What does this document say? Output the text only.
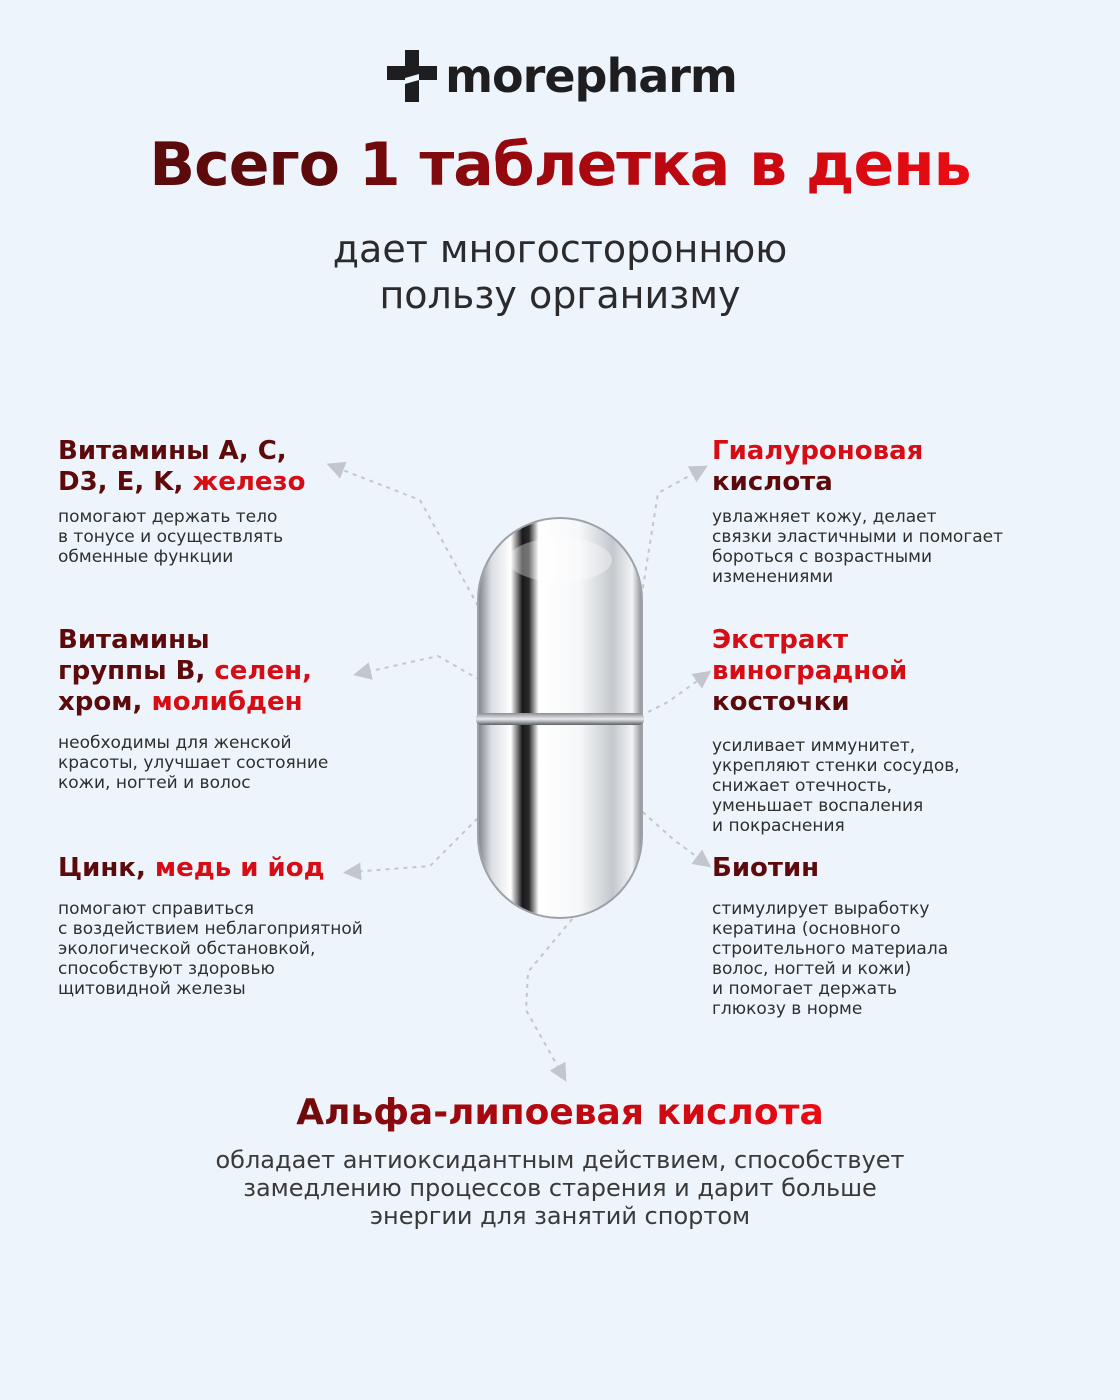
morepharm
Всего 1 таблетка в день
дает многостороннюю
пользу организму
Витамины А, С,
D3, E, K, железо
помогают держать тело
в тонусе и осуществлять
обменные функции
Витамины
группы B, селен,
хром, молибден
необходимы для женской
красоты, улучшает состояние
кожи, ногтей и волос
Цинк, медь и йод
помогают справиться
с воздействием неблагоприятной
экологической обстановкой,
способствуют здоровью
щитовидной железы
Гиалуроновая
кислота
увлажняет кожу, делает
связки эластичными и помогает
бороться с возрастными
изменениями
Экстракт
виноградной
косточки
усиливает иммунитет,
укрепляют стенки сосудов,
снижает отечность,
уменьшает воспаления
и покраснения
Биотин
стимулирует выработку
кератина (основного
строительного материала
волос, ногтей и кожи)
и помогает держать
глюкозу в норме
Альфа-липоевая кислота
обладает антиоксидантным действием, способствует
замедлению процессов старения и дарит больше
энергии для занятий спортом
